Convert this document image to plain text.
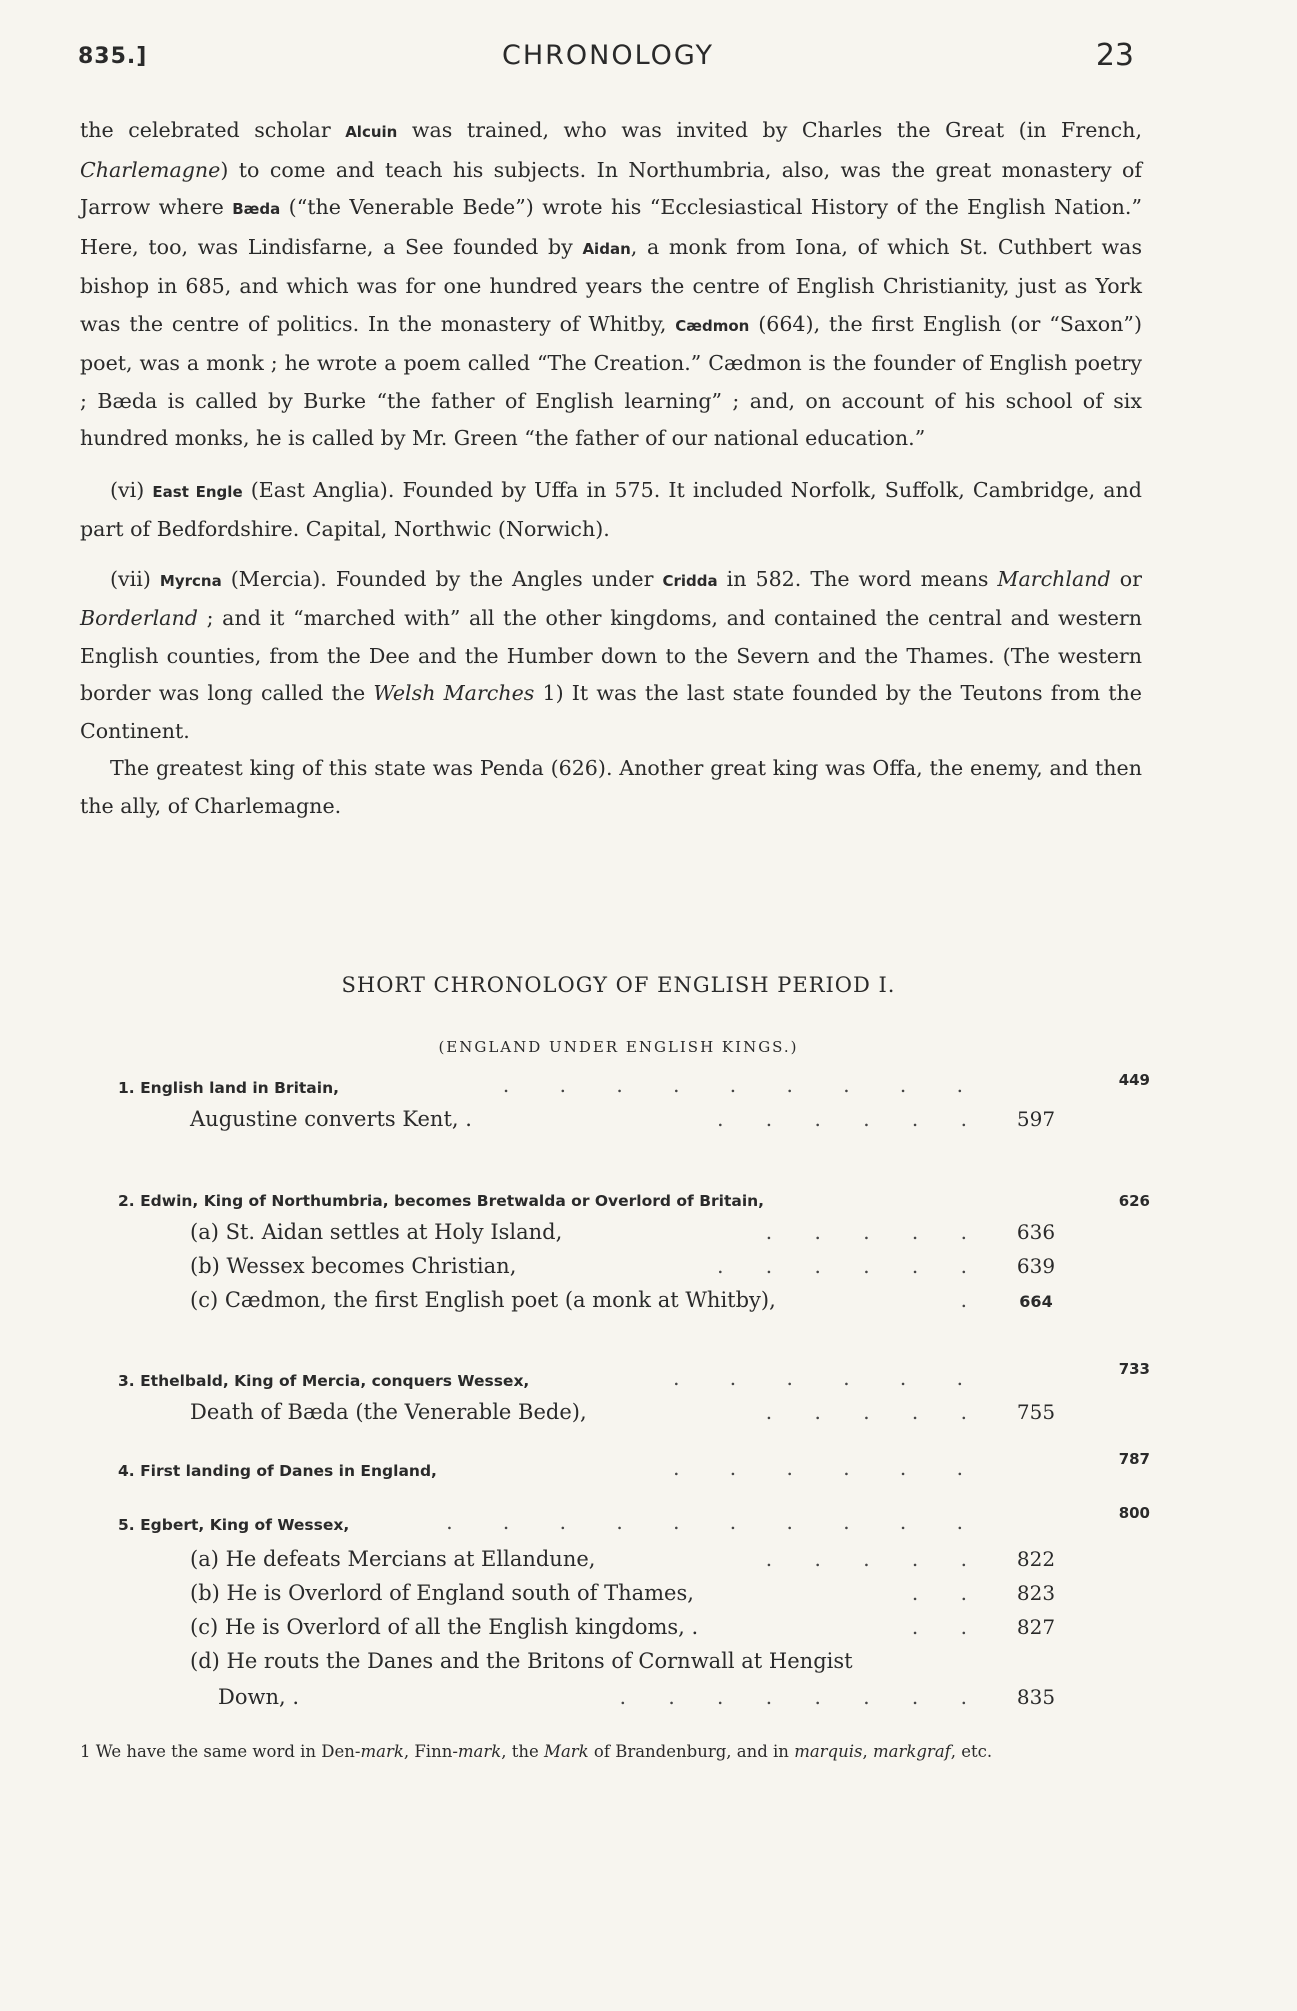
835.]	CHRONOLOGY	23

the celebrated scholar Alcuin was trained, who was invited by Charles the Great (in French, Charlemagne) to come and teach his subjects. In Northumbria, also, was the great monastery of Jarrow where Bæda (“the Venerable Bede”) wrote his “Ecclesiastical History of the English Nation.” Here, too, was Lindisfarne, a See founded by Aidan, a monk from Iona, of which St. Cuthbert was bishop in 685, and which was for one hundred years the centre of English Christianity, just as York was the centre of politics. In the monastery of Whitby, Cædmon (664), the first English (or “Saxon”) poet, was a monk ; he wrote a poem called “The Creation.” Cædmon is the founder of English poetry ; Bæda is called by Burke “the father of English learning” ; and, on account of his school of six hundred monks, he is called by Mr. Green “the father of our national education.”

(vi) East Engle (East Anglia). Founded by Uffa in 575. It included Norfolk, Suffolk, Cambridge, and part of Bedfordshire. Capital, Northwic (Norwich).

(vii) Myrcna (Mercia). Founded by the Angles under Cridda in 582. The word means Marchland or Borderland ; and it “marched with” all the other kingdoms, and contained the central and western English counties, from the Dee and the Humber down to the Severn and the Thames. (The western border was long called the Welsh Marches 1) It was the last state founded by the Teutons from the Continent.

The greatest king of this state was Penda (626). Another great king was Offa, the enemy, and then the ally, of Charlemagne.

SHORT CHRONOLOGY OF ENGLISH PERIOD I.
(ENGLAND UNDER ENGLISH KINGS.)
1. English land in Britain,	. . . . . . . . .	449
Augustine converts Kent, .	. . . . . .	597
2. Edwin, King of Northumbria, becomes Bretwalda or Overlord of Britain,	626
(a) St. Aidan settles at Holy Island,	. . . . .	636
(b) Wessex becomes Christian,	. . . . . .	639
(c) Cædmon, the first English poet (a monk at Whitby),	.	664
3. Ethelbald, King of Mercia, conquers Wessex,	. . . . . .	733
Death of Bæda (the Venerable Bede),	. . . . .	755
4. First landing of Danes in England,	. . . . . .	787
5. Egbert, King of Wessex,	. . . . . . . . . .	800
(a) He defeats Mercians at Ellandune,	. . . . .	822
(b) He is Overlord of England south of Thames,	. .	823
(c) He is Overlord of all the English kingdoms, .	. .	827
(d) He routs the Danes and the Britons of Cornwall at Hengist
Down, .	. . . . . . . .	835
1 We have the same word in Den-mark, Finn-mark, the Mark of Brandenburg, and in marquis, markgraf, etc.
